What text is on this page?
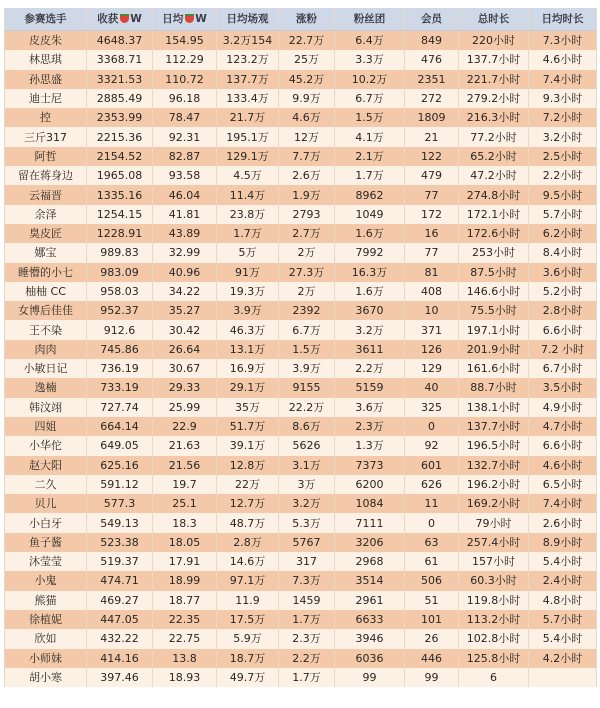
参赛选手	收获 W	日均 W	日均场观	涨粉	粉丝团	会员	总时长	日均时长
皮皮朱	4648.37	154.95	3.2万154	22.7万	6.4万	849	220小时	7.3小时
林思琪	3368.71	112.29	123.2万	25万	3.3万	476	137.7小时	4.6小时
孙思盛	3321.53	110.72	137.7万	45.2万	10.2万	2351	221.7小时	7.4小时
迪士尼	2885.49	96.18	133.4万	9.9万	6.7万	272	279.2小时	9.3小时
控	2353.99	78.47	21.7万	4.6万	1.5万	1809	216.3小时	7.2小时
三斤317	2215.36	92.31	195.1万	12万	4.1万	21	77.2小时	3.2小时
阿哲	2154.52	82.87	129.1万	7.7万	2.1万	122	65.2小时	2.5小时
留在蒋身边	1965.08	93.58	4.5万	2.6万	1.7万	479	47.2小时	2.2小时
云福晋	1335.16	46.04	11.4万	1.9万	8962	77	274.8小时	9.5小时
余泽	1254.15	41.81	23.8万	2793	1049	172	172.1小时	5.7小时
臭皮匠	1228.91	43.89	1.7万	2.7万	1.6万	16	172.6小时	6.2小时
娜宝	989.83	32.99	5万	2万	7992	77	253小时	8.4小时
睡懵的小七	983.09	40.96	91万	27.3万	16.3万	81	87.5小时	3.6小时
柚柚 CC	958.03	34.22	19.3万	2万	1.6万	408	146.6小时	5.2小时
女博后佳佳	952.37	35.27	3.9万	2392	3670	10	75.5小时	2.8小时
王不染	912.6	30.42	46.3万	6.7万	3.2万	371	197.1小时	6.6小时
肉肉	745.86	26.64	13.1万	1.5万	3611	126	201.9小时	7.2 小时
小敏日记	736.19	30.67	16.9万	3.9万	2.2万	129	161.6小时	6.7小时
逸楠	733.19	29.33	29.1万	9155	5159	40	88.7小时	3.5小时
韩汶翊	727.74	25.99	35万	22.2万	3.6万	325	138.1小时	4.9小时
四姐	664.14	22.9	51.7万	8.6万	2.3万	0	137.7小时	4.7小时
小华佗	649.05	21.63	39.1万	5626	1.3万	92	196.5小时	6.6小时
赵大阳	625.16	21.56	12.8万	3.1万	7373	601	132.7小时	4.6小时
二久	591.12	19.7	22万	3万	6200	626	196.2小时	6.5小时
贝儿	577.3	25.1	12.7万	3.2万	1084	11	169.2小时	7.4小时
小白牙	549.13	18.3	48.7万	5.3万	7111	0	79小时	2.6小时
鱼子酱	523.38	18.05	2.8万	5767	3206	63	257.4小时	8.9小时
沐莹莹	519.37	17.91	14.6万	317	2968	61	157小时	5.4小时
小鬼	474.71	18.99	97.1万	7.3万	3514	506	60.3小时	2.4小时
熊猫	469.27	18.77	11.9	1459	2961	51	119.8小时	4.8小时
徐植妮	447.05	22.35	17.5万	1.7万	6633	101	113.2小时	5.7小时
欣如	432.22	22.75	5.9万	2.3万	3946	26	102.8小时	5.4小时
小师妹	414.16	13.8	18.7万	2.2万	6036	446	125.8小时	4.2小时
胡小寒	397.46	18.93	49.7万	1.7万	99	99	6	
